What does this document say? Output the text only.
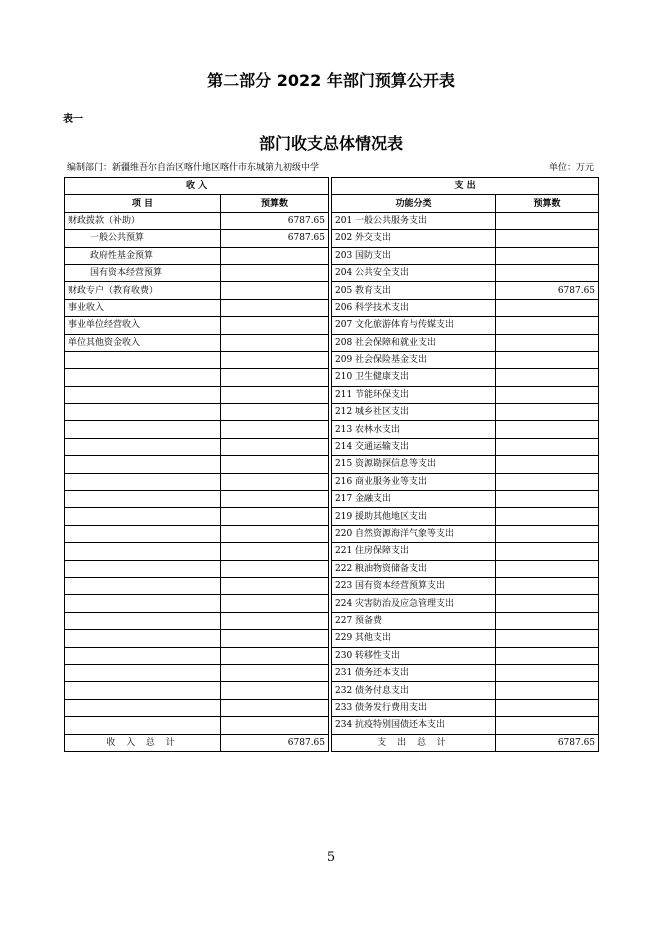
第二部分 2022 年部门预算公开表
表一
部门收支总体情况表
编制部门：新疆维吾尔自治区喀什地区喀什市东城第九初级中学	单位：万元
收 入			支 出	
项 目	预算数		功能分类	预算数
财政拨款（补助）	6787.65		201 一般公共服务支出	
一般公共预算	6787.65		202 外交支出	
政府性基金预算			203 国防支出	
国有资本经营预算			204 公共安全支出	
财政专户（教育收费）			205 教育支出	6787.65
事业收入			206 科学技术支出	
事业单位经营收入			207 文化旅游体育与传媒支出	
单位其他资金收入			208 社会保障和就业支出	
			209 社会保险基金支出	
			210 卫生健康支出	
			211 节能环保支出	
			212 城乡社区支出	
			213 农林水支出	
			214 交通运输支出	
			215 资源勘探信息等支出	
			216 商业服务业等支出	
			217 金融支出	
			219 援助其他地区支出	
			220 自然资源海洋气象等支出	
			221 住房保障支出	
			222 粮油物资储备支出	
			223 国有资本经营预算支出	
			224 灾害防治及应急管理支出	
			227 预备费	
			229 其他支出	
			230 转移性支出	
			231 债务还本支出	
			232 债务付息支出	
			233 债务发行费用支出	
			234 抗疫特别国债还本支出	
收 入 总 计	6787.65		支 出 总 计	6787.65
5
